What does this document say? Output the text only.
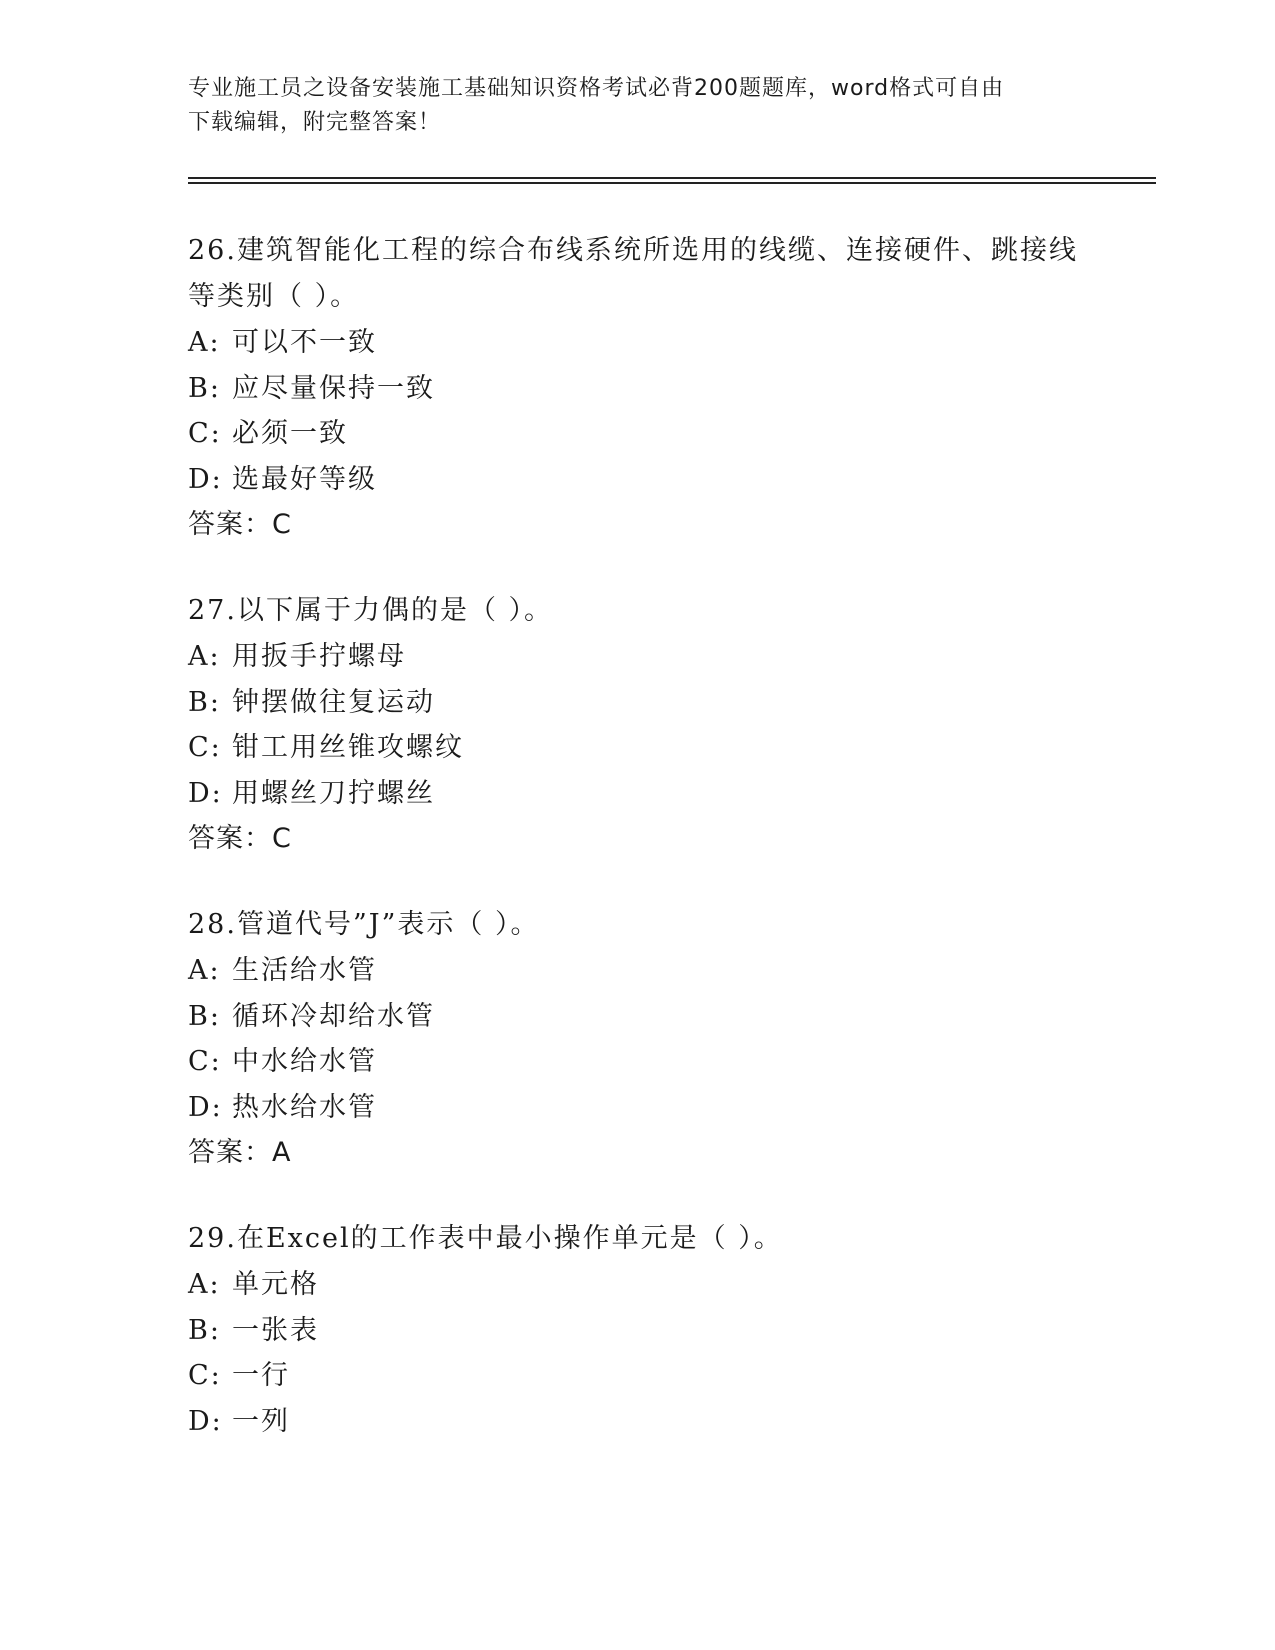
专业施工员之设备安装施工基础知识资格考试必背200题题库，word格式可自由
下载编辑，附完整答案！

26.建筑智能化工程的综合布线系统所选用的线缆、连接硬件、跳接线
等类别（ ）。

A: 可以不一致

B: 应尽量保持一致

C: 必须一致

D: 选最好等级

答案：C

27.以下属于力偶的是（ ）。

A: 用扳手拧螺母

B: 钟摆做往复运动

C: 钳工用丝锥攻螺纹

D: 用螺丝刀拧螺丝

答案：C

28.管道代号”J”表示（ ）。

A: 生活给水管

B: 循环冷却给水管

C: 中水给水管

D: 热水给水管

答案：A

29.在Excel的工作表中最小操作单元是（ ）。

A: 单元格

B: 一张表

C: 一行

D: 一列
